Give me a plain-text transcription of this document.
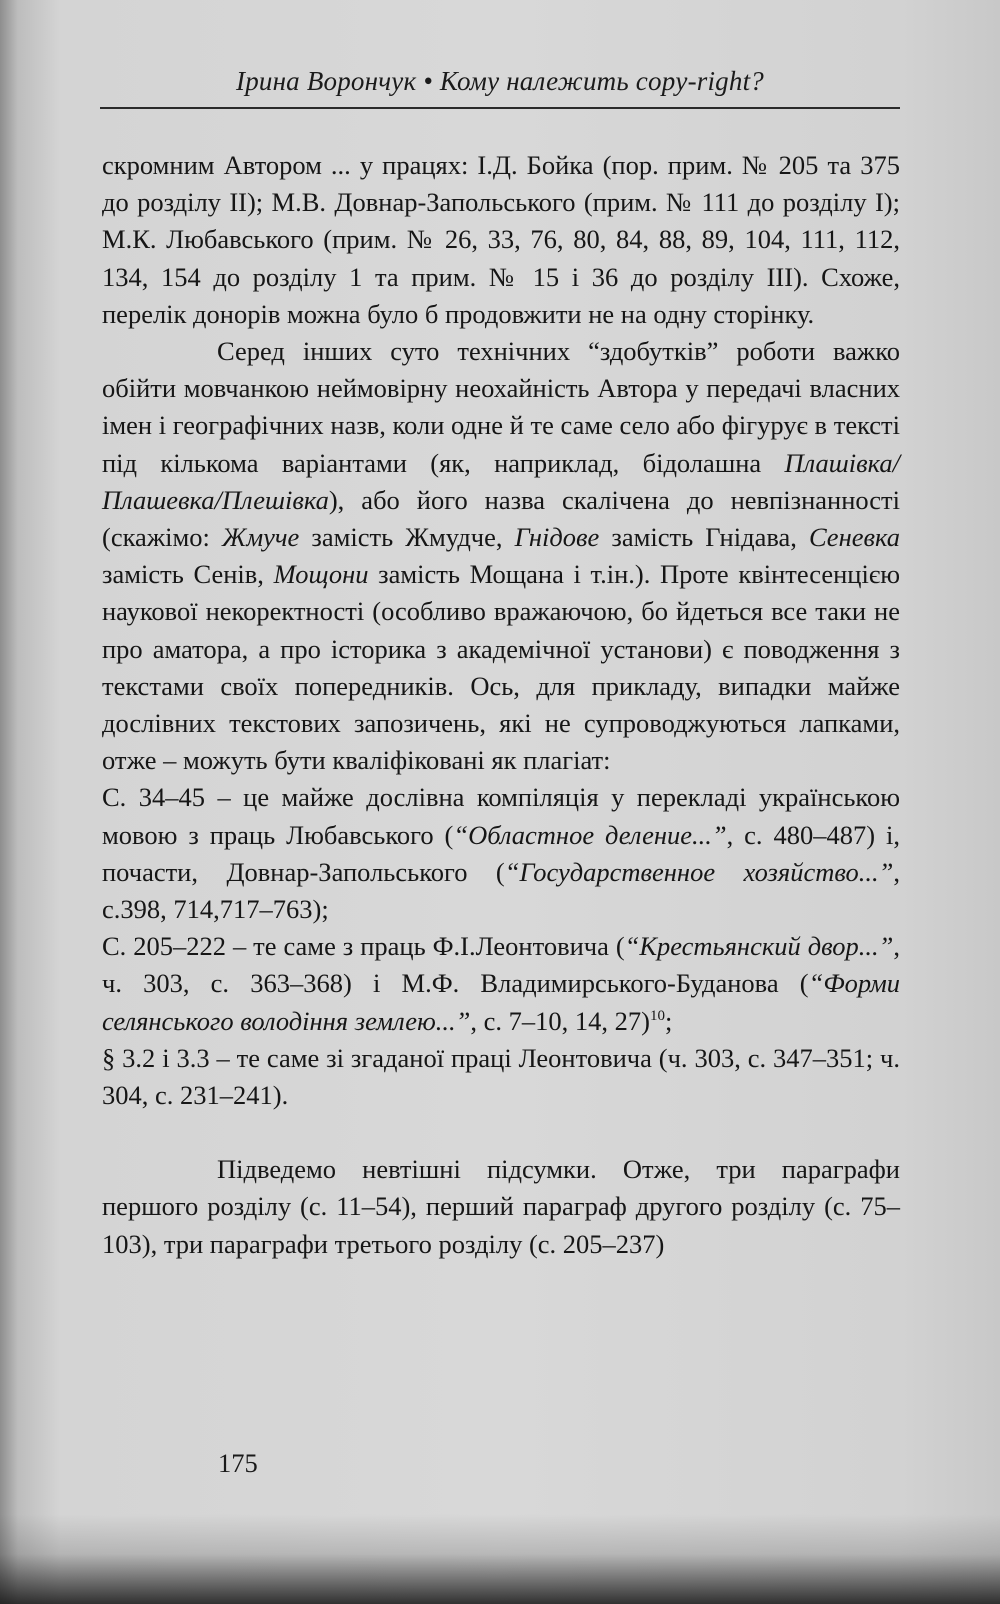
Ірина Ворончук • Кому належить copy-right?

скромним Автором ... у працях: І.Д. Бойка (пор. прим. № 205 та 375 до розділу II); М.В. Довнар-Запольського (прим. № 111 до розділу I); М.К. Любавського (прим. № 26, 33, 76, 80, 84, 88, 89, 104, 111, 112, 134, 154 до розділу 1 та прим. № 15 і 36 до розділу III). Схоже, перелік донорів можна було б продовжити не на одну сторінку.

Серед інших суто технічних “здобутків” роботи важко обійти мовчанкою неймовірну неохайність Автора у передачі власних імен і географічних назв, коли одне й те саме село або фігурує в тексті під кількома варіантами (як, наприклад, бідолашна Плашівка/Плашевка/Плешівка), або його назва скалічена до невпізнанності (скажімо: Жмуче замість Жмудче, Гнідове замість Гнідава, Сеневка замість Сенів, Мощони замість Мощана і т.ін.). Проте квінтесенцією наукової некоректності (особливо вражаючою, бо йдеться все таки не про аматора, а про історика з академічної установи) є поводження з текстами своїх попередників. Ось, для прикладу, випадки майже дослівних текстових запозичень, які не супроводжуються лапками, отже – можуть бути кваліфіковані як плагіат:

С. 34–45 – це майже дослівна компіляція у перекладі українською мовою з праць Любавського (“Областное деление...”, с. 480–487) і, почасти, Довнар-Запольського (“Государственное хозяйство...”, с.398, 714,717–763);

С. 205–222 – те саме з праць Ф.І.Леонтовича (“Крестьянский двор...”, ч. 303, с. 363–368) і М.Ф. Владимирського-Буданова (“Форми селянського володіння землею...”, с. 7–10, 14, 27)$^{10}$;

§ 3.2 і 3.3 – те саме зі згаданої праці Леонтовича (ч. 303, с. 347–351; ч. 304, с. 231–241).

Підведемо невтішні підсумки. Отже, три параграфи першого розділу (с. 11–54), перший параграф другого розділу (с. 75–103), три параграфи третього розділу (с. 205–237)

175
